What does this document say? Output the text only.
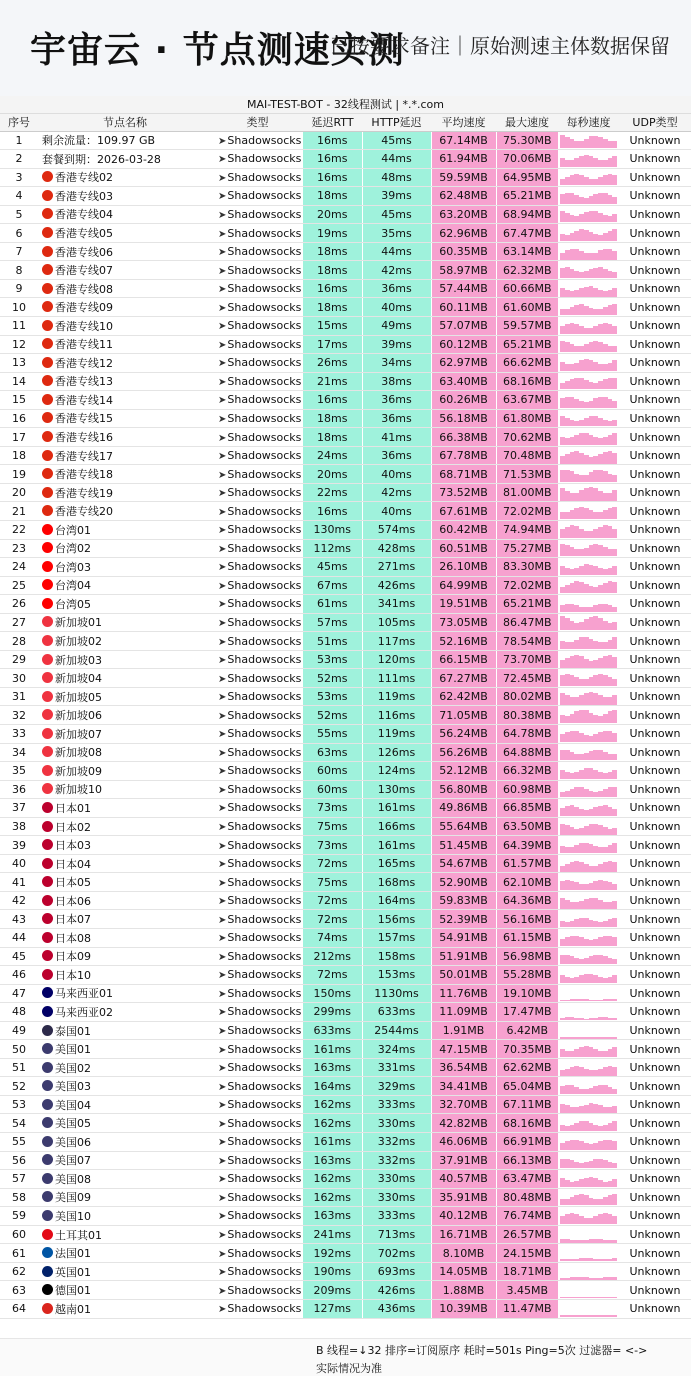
宇宙云 · 节点测速实测
已按要求备注｜原始测速主体数据保留
MAI-TEST-BOT - 32线程测试 | *.*.com
序号	节点名称	类型	延迟RTT	HTTP延迟	平均速度	最大速度	每秒速度	UDP类型
1	剩余流量：109.97 GB	➤Shadowsocks	16ms	45ms	67.14MB	75.30MB		Unknown
2	套餐到期：2026-03-28	➤Shadowsocks	16ms	44ms	61.94MB	70.06MB		Unknown
3	香港专线02	➤Shadowsocks	16ms	48ms	59.59MB	64.95MB		Unknown
4	香港专线03	➤Shadowsocks	18ms	39ms	62.48MB	65.21MB		Unknown
5	香港专线04	➤Shadowsocks	20ms	45ms	63.20MB	68.94MB		Unknown
6	香港专线05	➤Shadowsocks	19ms	35ms	62.96MB	67.47MB		Unknown
7	香港专线06	➤Shadowsocks	18ms	44ms	60.35MB	63.14MB		Unknown
8	香港专线07	➤Shadowsocks	18ms	42ms	58.97MB	62.32MB		Unknown
9	香港专线08	➤Shadowsocks	16ms	36ms	57.44MB	60.66MB		Unknown
10	香港专线09	➤Shadowsocks	18ms	40ms	60.11MB	61.60MB		Unknown
11	香港专线10	➤Shadowsocks	15ms	49ms	57.07MB	59.57MB		Unknown
12	香港专线11	➤Shadowsocks	17ms	39ms	60.12MB	65.21MB		Unknown
13	香港专线12	➤Shadowsocks	26ms	34ms	62.97MB	66.62MB		Unknown
14	香港专线13	➤Shadowsocks	21ms	38ms	63.40MB	68.16MB		Unknown
15	香港专线14	➤Shadowsocks	16ms	36ms	60.26MB	63.67MB		Unknown
16	香港专线15	➤Shadowsocks	18ms	36ms	56.18MB	61.80MB		Unknown
17	香港专线16	➤Shadowsocks	18ms	41ms	66.38MB	70.62MB		Unknown
18	香港专线17	➤Shadowsocks	24ms	36ms	67.78MB	70.48MB		Unknown
19	香港专线18	➤Shadowsocks	20ms	40ms	68.71MB	71.53MB		Unknown
20	香港专线19	➤Shadowsocks	22ms	42ms	73.52MB	81.00MB		Unknown
21	香港专线20	➤Shadowsocks	16ms	40ms	67.61MB	72.02MB		Unknown
22	台湾01	➤Shadowsocks	130ms	574ms	60.42MB	74.94MB		Unknown
23	台湾02	➤Shadowsocks	112ms	428ms	60.51MB	75.27MB		Unknown
24	台湾03	➤Shadowsocks	45ms	271ms	26.10MB	83.30MB		Unknown
25	台湾04	➤Shadowsocks	67ms	426ms	64.99MB	72.02MB		Unknown
26	台湾05	➤Shadowsocks	61ms	341ms	19.51MB	65.21MB		Unknown
27	新加坡01	➤Shadowsocks	57ms	105ms	73.05MB	86.47MB		Unknown
28	新加坡02	➤Shadowsocks	51ms	117ms	52.16MB	78.54MB		Unknown
29	新加坡03	➤Shadowsocks	53ms	120ms	66.15MB	73.70MB		Unknown
30	新加坡04	➤Shadowsocks	52ms	111ms	67.27MB	72.45MB		Unknown
31	新加坡05	➤Shadowsocks	53ms	119ms	62.42MB	80.02MB		Unknown
32	新加坡06	➤Shadowsocks	52ms	116ms	71.05MB	80.38MB		Unknown
33	新加坡07	➤Shadowsocks	55ms	119ms	56.24MB	64.78MB		Unknown
34	新加坡08	➤Shadowsocks	63ms	126ms	56.26MB	64.88MB		Unknown
35	新加坡09	➤Shadowsocks	60ms	124ms	52.12MB	66.32MB		Unknown
36	新加坡10	➤Shadowsocks	60ms	130ms	56.80MB	60.98MB		Unknown
37	日本01	➤Shadowsocks	73ms	161ms	49.86MB	66.85MB		Unknown
38	日本02	➤Shadowsocks	75ms	166ms	55.64MB	63.50MB		Unknown
39	日本03	➤Shadowsocks	73ms	161ms	51.45MB	64.39MB		Unknown
40	日本04	➤Shadowsocks	72ms	165ms	54.67MB	61.57MB		Unknown
41	日本05	➤Shadowsocks	75ms	168ms	52.90MB	62.10MB		Unknown
42	日本06	➤Shadowsocks	72ms	164ms	59.83MB	64.36MB		Unknown
43	日本07	➤Shadowsocks	72ms	156ms	52.39MB	56.16MB		Unknown
44	日本08	➤Shadowsocks	74ms	157ms	54.91MB	61.15MB		Unknown
45	日本09	➤Shadowsocks	212ms	158ms	51.91MB	56.98MB		Unknown
46	日本10	➤Shadowsocks	72ms	153ms	50.01MB	55.28MB		Unknown
47	马来西亚01	➤Shadowsocks	150ms	1130ms	11.76MB	19.10MB		Unknown
48	马来西亚02	➤Shadowsocks	299ms	633ms	11.09MB	17.47MB		Unknown
49	泰国01	➤Shadowsocks	633ms	2544ms	1.91MB	6.42MB		Unknown
50	美国01	➤Shadowsocks	161ms	324ms	47.15MB	70.35MB		Unknown
51	美国02	➤Shadowsocks	163ms	331ms	36.54MB	62.62MB		Unknown
52	美国03	➤Shadowsocks	164ms	329ms	34.41MB	65.04MB		Unknown
53	美国04	➤Shadowsocks	162ms	333ms	32.70MB	67.11MB		Unknown
54	美国05	➤Shadowsocks	162ms	330ms	42.82MB	68.16MB		Unknown
55	美国06	➤Shadowsocks	161ms	332ms	46.06MB	66.91MB		Unknown
56	美国07	➤Shadowsocks	163ms	332ms	37.91MB	66.13MB		Unknown
57	美国08	➤Shadowsocks	162ms	330ms	40.57MB	63.47MB		Unknown
58	美国09	➤Shadowsocks	162ms	330ms	35.91MB	80.48MB		Unknown
59	美国10	➤Shadowsocks	163ms	333ms	40.12MB	76.74MB		Unknown
60	土耳其01	➤Shadowsocks	241ms	713ms	16.71MB	26.57MB		Unknown
61	法国01	➤Shadowsocks	192ms	702ms	8.10MB	24.15MB		Unknown
62	英国01	➤Shadowsocks	190ms	693ms	14.05MB	18.71MB		Unknown
63	德国01	➤Shadowsocks	209ms	426ms	1.88MB	3.45MB		Unknown
64	越南01	➤Shadowsocks	127ms	436ms	10.39MB	11.47MB		Unknown
B 线程=↓32 排序=订阅原序 耗时=501s Ping=5次 过滤器= <->
实际情况为准
